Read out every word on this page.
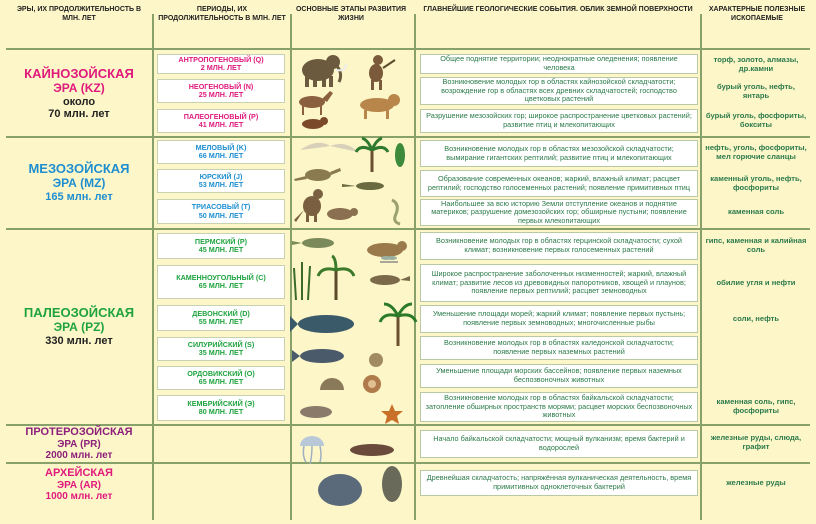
ЭРЫ, ИХ ПРОДОЛЖИТЕЛЬНОСТЬ В МЛН. ЛЕТ
ПЕРИОДЫ, ИХ ПРОДОЛЖИТЕЛЬНОСТЬ В МЛН. ЛЕТ
ОСНОВНЫЕ ЭТАПЫ РАЗВИТИЯ ЖИЗНИ
ГЛАВНЕЙШИЕ ГЕОЛОГИЧЕСКИЕ СОБЫТИЯ. ОБЛИК ЗЕМНОЙ ПОВЕРХНОСТИ	ХАРАКТЕРНЫЕ ПОЛЕЗНЫЕ ИСКОПАЕМЫЕ
КАЙНОЗОЙСКАЯ
ЭРА (KZ)
около
70 млн. лет
МЕЗОЗОЙСКАЯ
ЭРА (MZ)
165 млн. лет
ПАЛЕОЗОЙСКАЯ
ЭРА (PZ)
330 млн. лет
ПРОТЕРОЗОЙСКАЯ
ЭРА (PR)
2000 млн. лет
АРХЕЙСКАЯ
ЭРА (AR)
1000 млн. лет
АНТРОПОГЕНОВЫЙ (Q)
2 МЛН. ЛЕТ
НЕОГЕНОВЫЙ (N)
25 МЛН. ЛЕТ
ПАЛЕОГЕНОВЫЙ (P)
41 МЛН. ЛЕТ
МЕЛОВЫЙ (K)
66 МЛН. ЛЕТ
ЮРСКИЙ (J)
53 МЛН. ЛЕТ
ТРИАСОВЫЙ (T)
50 МЛН. ЛЕТ
ПЕРМСКИЙ (P)
45 МЛН. ЛЕТ
КАМЕННОУГОЛЬНЫЙ (C)
65 МЛН. ЛЕТ
ДЕВОНСКИЙ (D)
55 МЛН. ЛЕТ
СИЛУРИЙСКИЙ (S)
35 МЛН. ЛЕТ
ОРДОВИКСКИЙ (O)
65 МЛН. ЛЕТ
КЕМБРИЙСКИЙ (Э)
80 МЛН. ЛЕТ
Общее поднятие территории; неоднократные оледенения; появление человека
Возникновение молодых гор в областях кайнозойской складчатости; возрождение гор в областях всех древних складчатостей; господство цветковых растений
Разрушение мезозойских гор; широкое распространение цветковых растений; развитие птиц и млекопитающих
Возникновение молодых гор в областях мезозойской складчатости; вымирание гигантских рептилий; развитие птиц и млекопитающих
Образование современных океанов; жаркий, влажный климат; расцвет рептилий; господство голосеменных растений; появление примитивных птиц
Наибольшее за всю историю Земли отступление океанов и поднятие материков; разрушение домезозойских гор; обширные пустыни; появление первых млекопитающих
Возникновение молодых гор в областях герцинской складчатости; сухой климат; возникновение первых голосеменных растений
Широкое распространение заболоченных низменностей; жаркий, влажный климат; развитие лесов из древовидных папоротников, хвощей и плаунов; появление первых рептилий; расцвет земноводных
Уменьшение площади морей; жаркий климат; появление первых пустынь; появление первых земноводных; многочисленные рыбы
Возникновение молодых гор в областях каледонской складчатости; появление первых наземных растений
Уменьшение площади морских бассейнов; появление первых наземных беспозвоночных животных
Возникновение молодых гор в областях байкальской складчатости; затопление обширных пространств морями; расцвет морских беспозвоночных животных
Начало байкальской складчатости; мощный вулканизм; время бактерий и водорослей
Древнейшая складчатость; напряжённая вулканическая деятельность, время примитивных одноклеточных бактерий
торф, золото, алмазы, др.камни
бурый уголь, нефть, янтарь
бурый уголь, фосфориты, бокситы
нефть, уголь, фосфориты, мел горючие сланцы
каменный уголь, нефть, фосфориты
каменная соль
гипс, каменная и калийная соль
обилие угля и нефти
соли, нефть
каменная соль, гипс, фосфориты
железные руды, слюда, графит
железные руды
